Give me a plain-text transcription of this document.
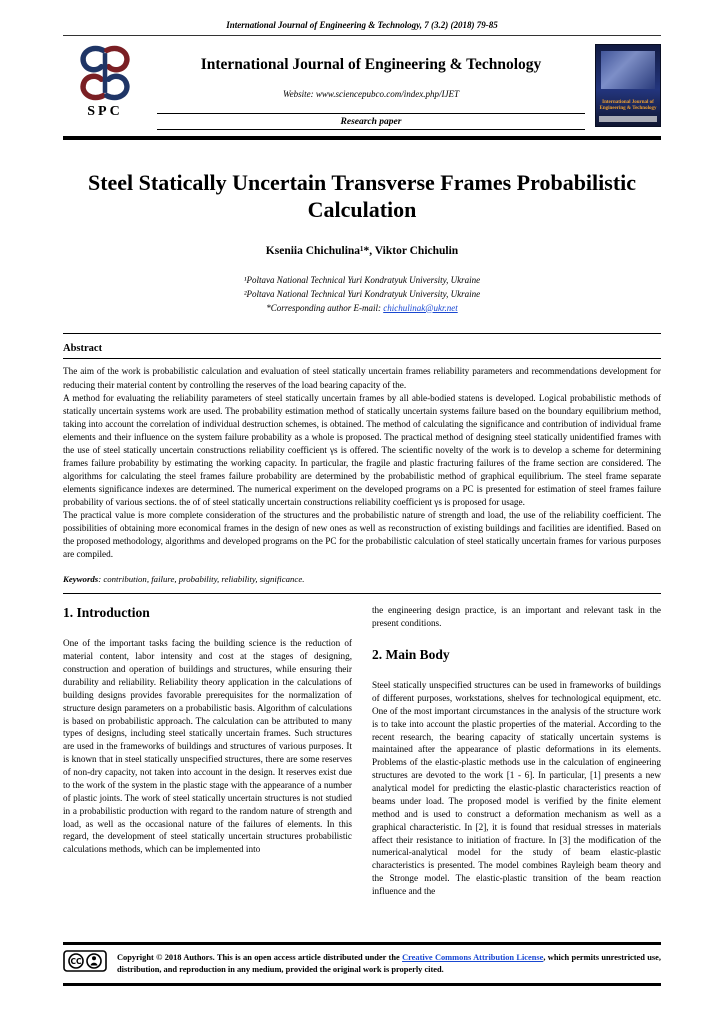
International Journal of Engineering & Technology, 7 (3.2) (2018) 79-85
SPC
International Journal of Engineering & Technology
Website: www.sciencepubco.com/index.php/IJET
Research paper
International Journal of Engineering & Technology
Steel Statically Uncertain Transverse Frames Probabilistic Calculation
Kseniia Chichulina¹*, Viktor Chichulin
¹Poltava National Technical Yuri Kondratyuk University, Ukraine
²Poltava National Technical Yuri Kondratyuk University, Ukraine
*Corresponding author E-mail: chichulinak@ukr.net
Abstract

The aim of the work is probabilistic calculation and evaluation of steel statically uncertain frames reliability parameters and recommendations development for reducing their material content by controlling the reserves of the load bearing capacity of the.

A method for evaluating the reliability parameters of steel statically uncertain frames by all able-bodied statens is developed. Logical probabilistic methods of statically uncertain systems work are used. The probability estimation method of statically uncertain systems failure based on the boundary equilibrium method, taking into account the correlation of individual destruction schemes, is obtained. The method of calculating the significance and contribution of individual frame elements and their influence on the system failure probability as a whole is proposed. The practical method of designing steel statically unidentified frames with the use of steel statically uncertain constructions reliability coefficient γs is offered. The scientific novelty of the work is to develop a scheme for determining frames failure probability by estimating the working capacity. In particular, the fragile and plastic fracturing failures of the frame section are considered. The algorithms for calculating the steel frames failure probability are determined by the probabilistic method of graphical equilibrium. The steel frame separate elements significance indexes are determined. The numerical experiment on the developed programs on a PC is presented for estimation of steel frames failure probability of various sections. the of of steel statically uncertain constructions reliability coefficient γs is proposed for usage.

The practical value is more complete consideration of the structures and the probabilistic nature of strength and load, the use of the reliability coefficient. The possibilities of obtaining more economical frames in the design of new ones as well as reconstruction of existing buildings and facilities are identified. Based on the proposed methodology, algorithms and developed programs on the PC for the probabilistic calculation of steel statically uncertain frames for various purposes are compiled.

Keywords: contribution, failure, probability, reliability, significance.
1. Introduction

One of the important tasks facing the building science is the reduction of material content, labor intensity and cost at the stages of designing, construction and operation of buildings and structures, while ensuring their durability and reliability. Reliability theory application in the calculations of building designs provides favorable prerequisites for the normalization of structure design parameters on a probabilistic basis. Algorithm of calculations is based on probabilistic approach. The calculation can be attributed to many types of designs, including steel statically uncertain frames. Such structures are used in the frameworks of buildings and structures of various purposes. It is known that in steel statically unspecified structures, there are some reserves of non-dry capacity, not taken into account in the design. It reserves exist due to the work of the system in the plastic stage with the appearance of a number of plastic joints. The work of steel statically uncertain structures is not studied in a probabilistic production with regard to the random nature of strength and load, as well as the occasional nature of the failures of elements. In this regard, the development of steel statically uncertain structures probabilistic calculations methods, which can be implemented into

the engineering design practice, is an important and relevant task in the present conditions.

2. Main Body

Steel statically unspecified structures can be used in frameworks of buildings of different purposes, workstations, shelves for technological equipment, etc. One of the most important circumstances in the analysis of the structure work is to take into account the plastic properties of the material. According to the recent research, the bearing capacity of statically uncertain systems is maintained after the appearance of plastic deformations in its elements. Problems of the elastic-plastic methods use in the calculation of engineering structures are devoted to the work [1 - 6]. In particular, [1] presents a new analytical model for predicting the elastic-plastic characteristics reaction of beams under load. The proposed model is verified by the finite element method and is used to construct a deformation mechanism as well as a graphical characteristic. In [2], it is found that residual stresses in materials affect their resistance to initiation of fracture. In [3] the modification of the numerical-analytical model for the study of beam elastic-plastic characteristics is presented. The model combines Rayleigh beam theory and the Stronge model. The elastic-plastic transition of the beam reaction influence and the

CC	Copyright © 2018 Authors. This is an open access article distributed under the Creative Commons Attribution License, which permits unrestricted use, distribution, and reproduction in any medium, provided the original work is properly cited.
